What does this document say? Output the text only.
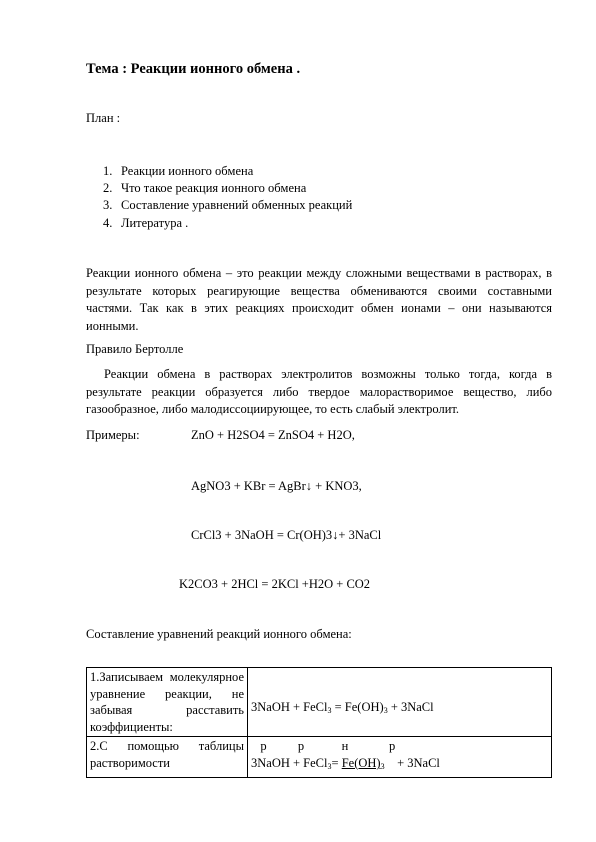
Тема : Реакции ионного обмена .
План :
1. Реакции ионного обмена
2. Что такое реакция ионного обмена
3. Составление уравнений обменных реакций
4. Литература .

Реакции ионного обмена – это реакции между сложными веществами в растворах, в результате которых реагирующие вещества обмениваются своими составными частями. Так как в этих реакциях происходит обмен ионами – они называются ионными.

Правило Бертолле

Реакции обмена в растворах электролитов возможны только тогда, когда в результате реакции образуется либо твердое малорастворимое вещество, либо газообразное, либо малодиссоциирующее, то есть слабый электролит.

Примеры:	ZnO + H2SO4 = ZnSO4 + H2O,
AgNO3 + KBr = AgBr↓ + KNO3,
CrCl3 + 3NaOH = Cr(OH)3↓+ 3NaCl
K2CO3 + 2HCl = 2KCl +H2O + CO2
Составление уравнений реакций ионного обмена:
1.Записываем молекулярное уравнение реакции, не забывая расставить коэффициенты:	3NaOH + FeCl$_3$ = $Fe(OH)_3$ + 3NaCl
2.С помощью таблицы растворимости	р          р            н             р
3NaOH + FeCl$_3$= $Fe(OH)_3$    + 3NaCl
